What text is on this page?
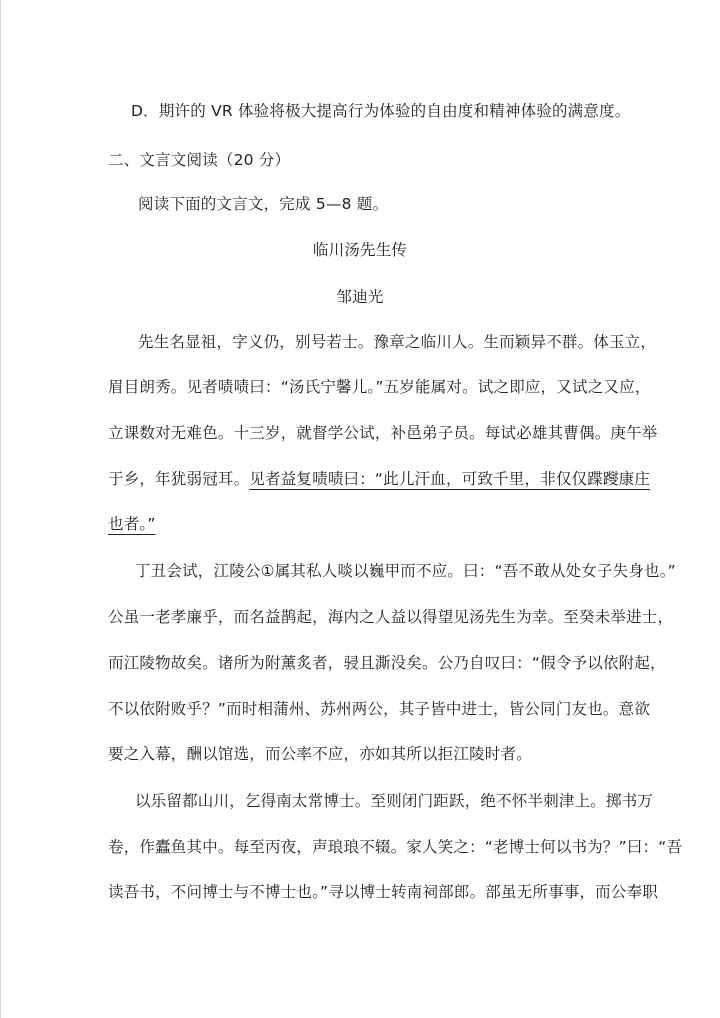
D．期许的 VR 体验将极大提高行为体验的自由度和精神体验的满意度。
二、文言文阅读（20 分）
阅读下面的文言文，完成 5—8 题。
临川汤先生传
邹迪光
先生名显祖，字义仍，别号若士。豫章之临川人。生而颖异不群。体玉立，
眉目朗秀。见者啧啧曰：“汤氏宁馨儿。”五岁能属对。试之即应，又试之又应，
立课数对无难色。十三岁，就督学公试，补邑弟子员。每试必雄其曹偶。庚午举
于乡，年犹弱冠耳。见者益复啧啧曰：“此儿汗血，可致千里，非仅仅蹀躞康庄
也者。”
丁丑会试，江陵公①属其私人啖以巍甲而不应。曰：“吾不敢从处女子失身也。”
公虽一老孝廉乎，而名益鹊起，海内之人益以得望见汤先生为幸。至癸未举进士，
而江陵物故矣。诸所为附薰炙者，骎且澌没矣。公乃自叹曰：“假令予以依附起，
不以依附败乎？”而时相蒲州、苏州两公，其子皆中进士，皆公同门友也。意欲
要之入幕，酬以馆选，而公率不应，亦如其所以拒江陵时者。
以乐留都山川，乞得南太常博士。至则闭门距跃，绝不怀半刺津上。掷书万
卷，作蠹鱼其中。每至丙夜，声琅琅不辍。家人笑之：“老博士何以书为？”曰：“吾
读吾书，不问博士与不博士也。”寻以博士转南祠部郎。部虽无所事事，而公奉职
